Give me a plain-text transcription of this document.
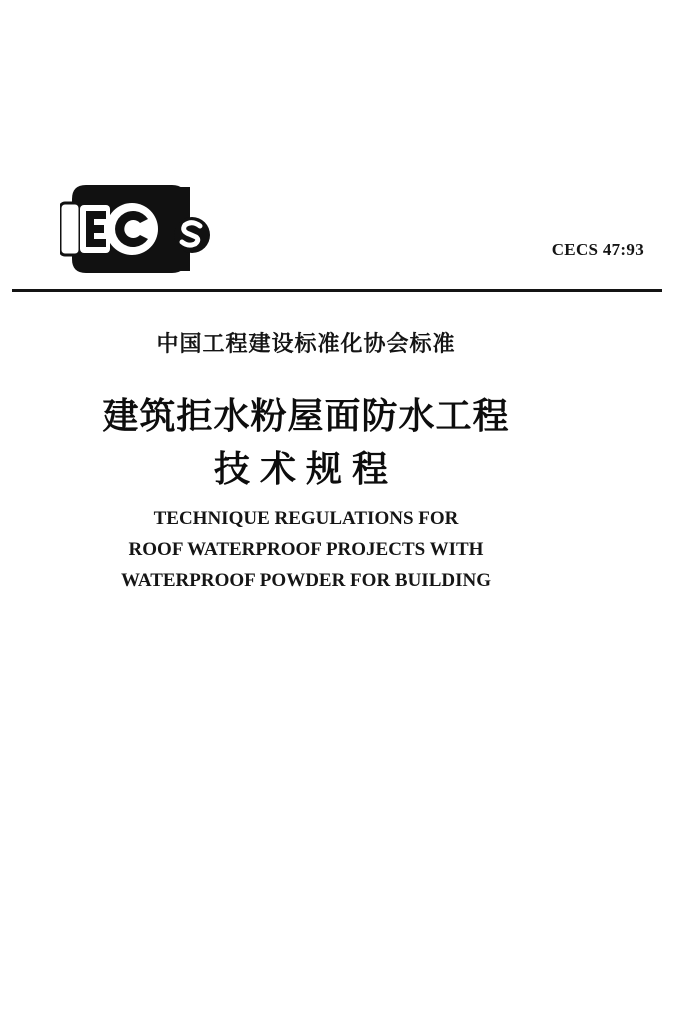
ECS
CECS 47:93
中国工程建设标准化协会标准
建筑拒水粉屋面防水工程
技术规程
TECHNIQUE REGULATIONS FOR
ROOF WATERPROOF PROJECTS WITH
WATERPROOF POWDER FOR BUILDING
